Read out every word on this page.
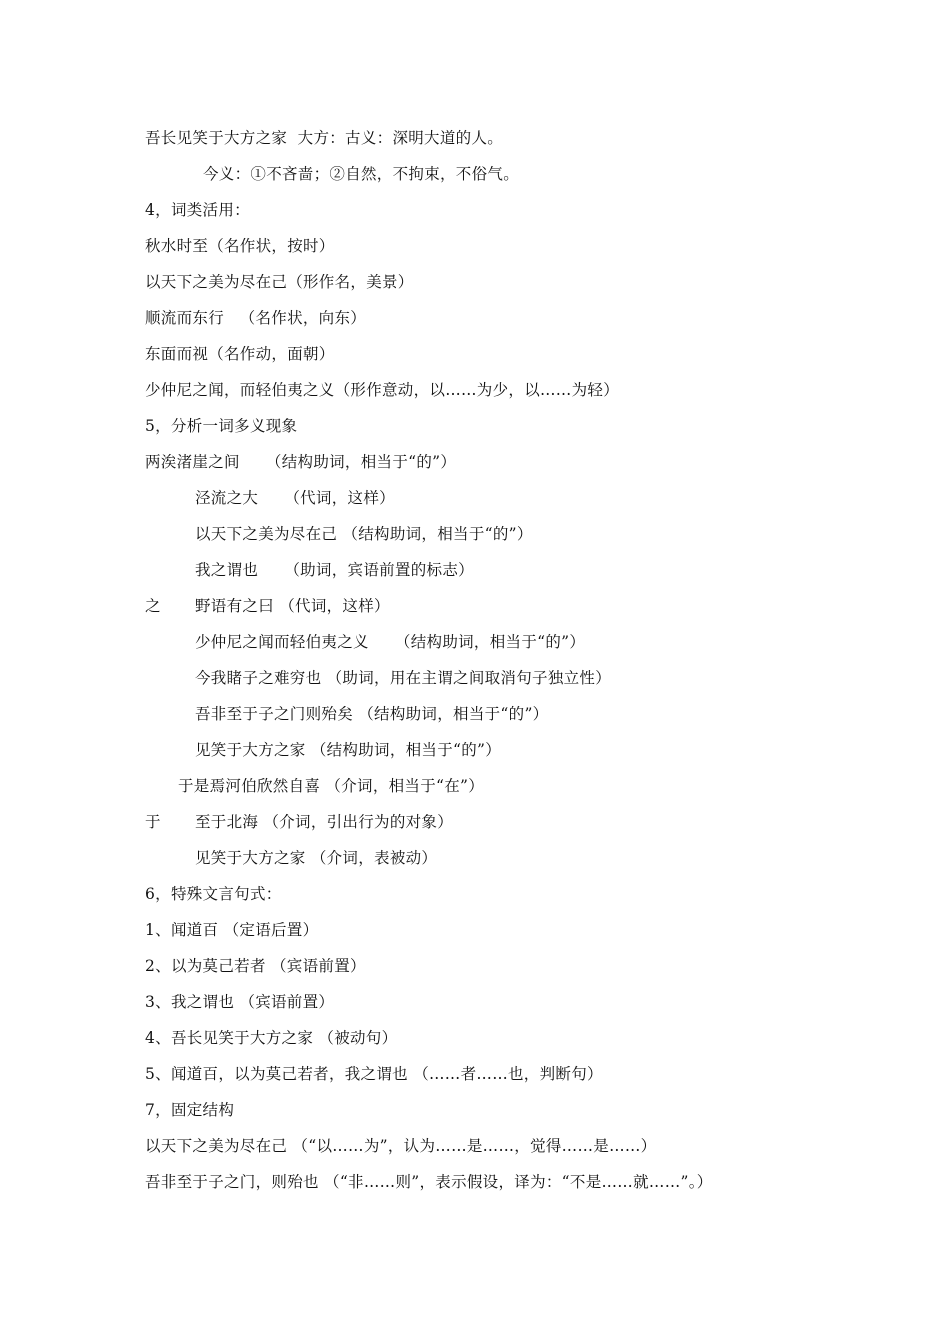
吾长见笑于大方之家  大方：古义：深明大道的人。
今义：①不吝啬；②自然，不拘束，不俗气。
4，词类活用：
秋水时至（名作状，按时）
以天下之美为尽在己（形作名，美景）
顺流而东行   （名作状，向东）
东面而视（名作动，面朝）
少仲尼之闻，而轻伯夷之义（形作意动，以……为少，以……为轻）
5，分析一词多义现象
两涘渚崖之间     （结构助词，相当于“的”）
泾流之大     （代词，这样）
以天下之美为尽在己 （结构助词，相当于“的”）
我之谓也     （助词，宾语前置的标志）
之 野语有之曰 （代词，这样）
少仲尼之闻而轻伯夷之义     （结构助词，相当于“的”）
今我睹子之难穷也 （助词，用在主谓之间取消句子独立性）
吾非至于子之门则殆矣 （结构助词，相当于“的”）
见笑于大方之家 （结构助词，相当于“的”）
于是焉河伯欣然自喜 （介词，相当于“在”）
于 至于北海 （介词，引出行为的对象）
见笑于大方之家 （介词，表被动）
6，特殊文言句式：
1、闻道百 （定语后置）
2、以为莫己若者 （宾语前置）
3、我之谓也 （宾语前置）
4、吾长见笑于大方之家 （被动句）
5、闻道百，以为莫己若者，我之谓也 （……者……也，判断句）
7，固定结构
以天下之美为尽在己 （“以……为”，认为……是……，觉得……是……）
吾非至于子之门，则殆也 （“非……则”，表示假设，译为：“不是……就……”。）
